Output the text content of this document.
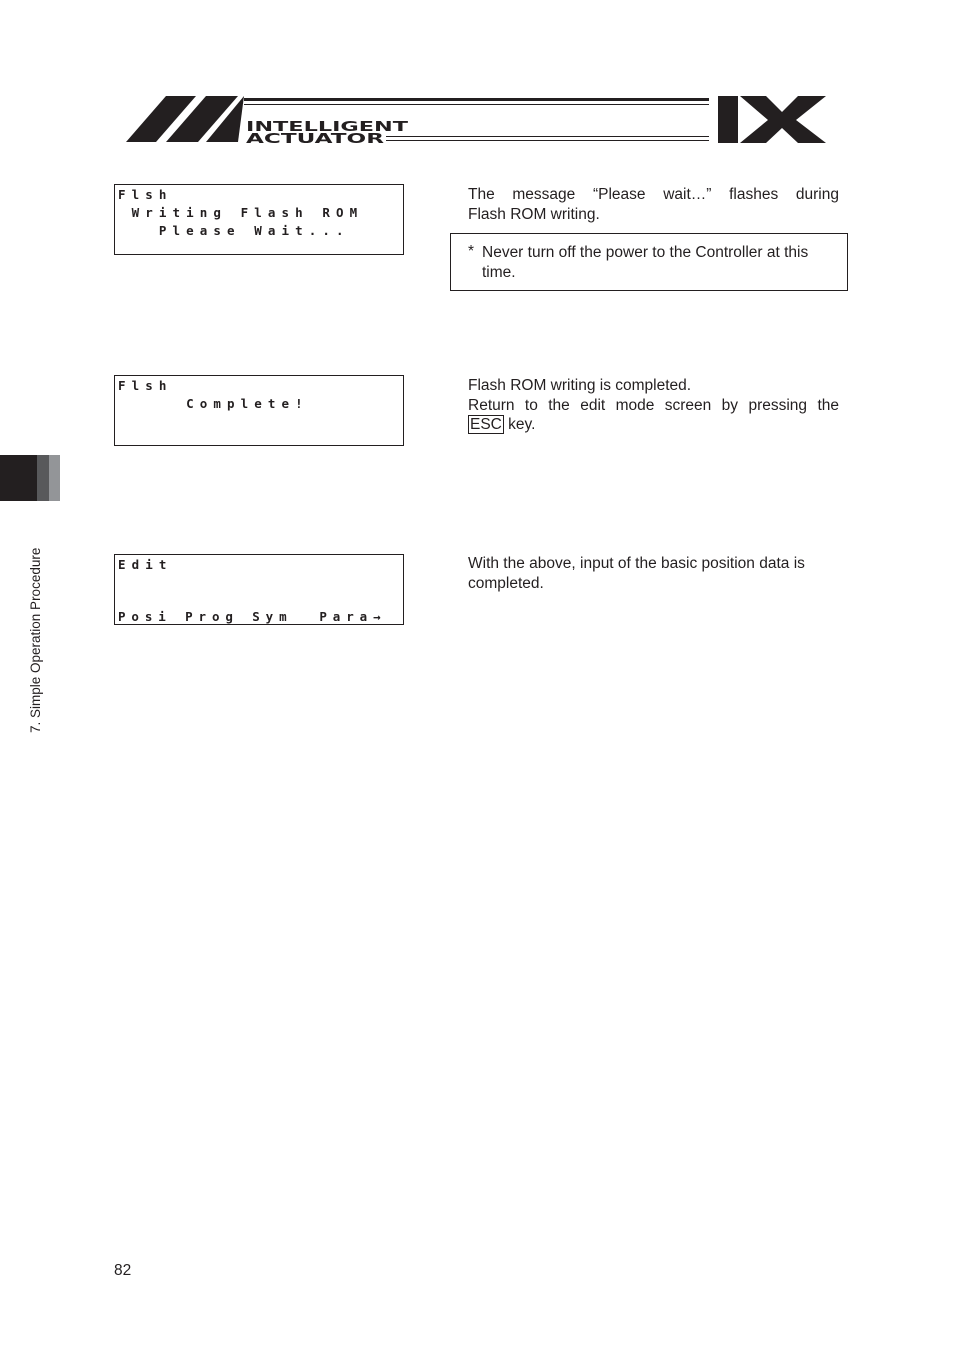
INTELLIGENT
ACTUATOR
IX
7. Simple Operation Procedure
Flsh
Writing Flash ROM
Please Wait...
The message “Please wait…” flashes during
Flash ROM writing.
* Never turn off the power to the Controller at this time.
Flsh
Complete!
Flash ROM writing is completed.
Return to the edit mode screen by pressing the
ESC key.
Edit
Posi Prog Sym  Para→
With the above, input of the basic position data is completed.
82
